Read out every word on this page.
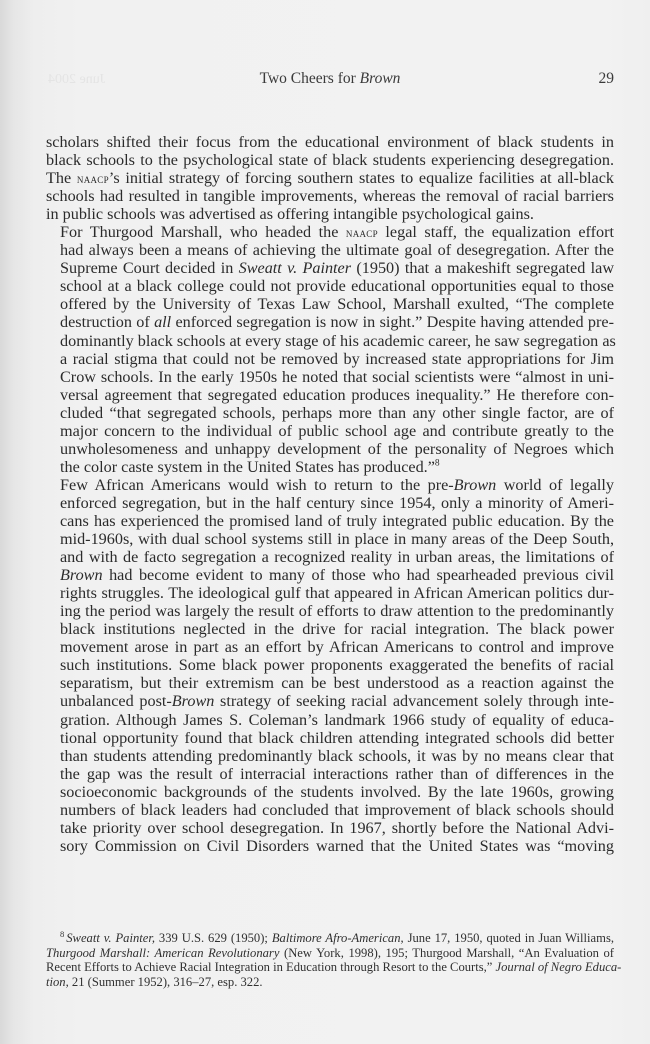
June 2004	Two Cheers for Brown	29
scholars shifted their focus from the educational environment of black students in
black schools to the psychological state of black students experiencing desegregation.
The naacp’s initial strategy of forcing southern states to equalize facilities at all-black
schools had resulted in tangible improvements, whereas the removal of racial barriers
in public schools was advertised as offering intangible psychological gains.
For Thurgood Marshall, who headed the naacp legal staff, the equalization effort
had always been a means of achieving the ultimate goal of desegregation. After the
Supreme Court decided in Sweatt v. Painter (1950) that a makeshift segregated law
school at a black college could not provide educational opportunities equal to those
offered by the University of Texas Law School, Marshall exulted, “The complete
destruction of all enforced segregation is now in sight.” Despite having attended pre-
dominantly black schools at every stage of his academic career, he saw segregation as
a racial stigma that could not be removed by increased state appropriations for Jim
Crow schools. In the early 1950s he noted that social scientists were “almost in uni-
versal agreement that segregated education produces inequality.” He therefore con-
cluded “that segregated schools, perhaps more than any other single factor, are of
major concern to the individual of public school age and contribute greatly to the
unwholesomeness and unhappy development of the personality of Negroes which
the color caste system in the United States has produced.”$^8$
Few African Americans would wish to return to the pre-Brown world of legally
enforced segregation, but in the half century since 1954, only a minority of Ameri-
cans has experienced the promised land of truly integrated public education. By the
mid-1960s, with dual school systems still in place in many areas of the Deep South,
and with de facto segregation a recognized reality in urban areas, the limitations of
Brown had become evident to many of those who had spearheaded previous civil
rights struggles. The ideological gulf that appeared in African American politics dur-
ing the period was largely the result of efforts to draw attention to the predominantly
black institutions neglected in the drive for racial integration. The black power
movement arose in part as an effort by African Americans to control and improve
such institutions. Some black power proponents exaggerated the benefits of racial
separatism, but their extremism can be best understood as a reaction against the
unbalanced post-Brown strategy of seeking racial advancement solely through inte-
gration. Although James S. Coleman’s landmark 1966 study of equality of educa-
tional opportunity found that black children attending integrated schools did better
than students attending predominantly black schools, it was by no means clear that
the gap was the result of interracial interactions rather than of differences in the
socioeconomic backgrounds of the students involved. By the late 1960s, growing
numbers of black leaders had concluded that improvement of black schools should
take priority over school desegregation. In 1967, shortly before the National Advi-
sory Commission on Civil Disorders warned that the United States was “moving
$^8$ Sweatt v. Painter, 339 U.S. 629 (1950); Baltimore Afro-American, June 17, 1950, quoted in Juan Williams,
Thurgood Marshall: American Revolutionary (New York, 1998), 195; Thurgood Marshall, “An Evaluation of
Recent Efforts to Achieve Racial Integration in Education through Resort to the Courts,” Journal of Negro Educa-
tion, 21 (Summer 1952), 316–27, esp. 322.
